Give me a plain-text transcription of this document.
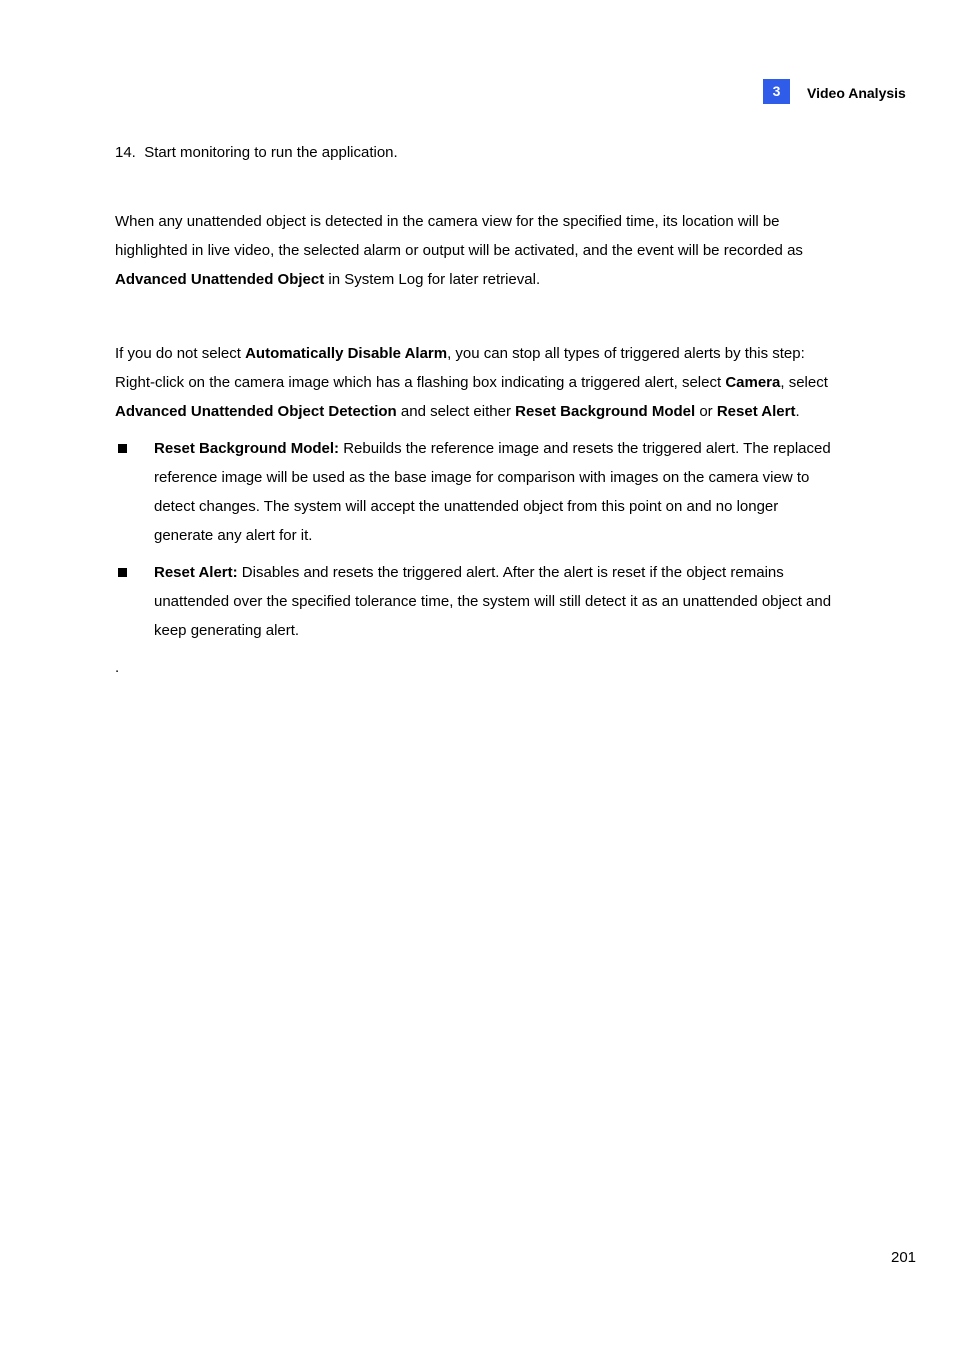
3	Video Analysis

14. Start monitoring to run the application.

When any unattended object is detected in the camera view for the specified time, its location will be highlighted in live video, the selected alarm or output will be activated, and the event will be recorded as Advanced Unattended Object in System Log for later retrieval.

If you do not select Automatically Disable Alarm, you can stop all types of triggered alerts by this step: Right-click on the camera image which has a flashing box indicating a triggered alert, select Camera, select Advanced Unattended Object Detection and select either Reset Background Model or Reset Alert.

Reset Background Model: Rebuilds the reference image and resets the triggered alert. The replaced reference image will be used as the base image for comparison with images on the camera view to detect changes. The system will accept the unattended object from this point on and no longer generate any alert for it.
Reset Alert: Disables and resets the triggered alert. After the alert is reset if the object remains unattended over the specified tolerance time, the system will still detect it as an unattended object and keep generating alert.

.

201
